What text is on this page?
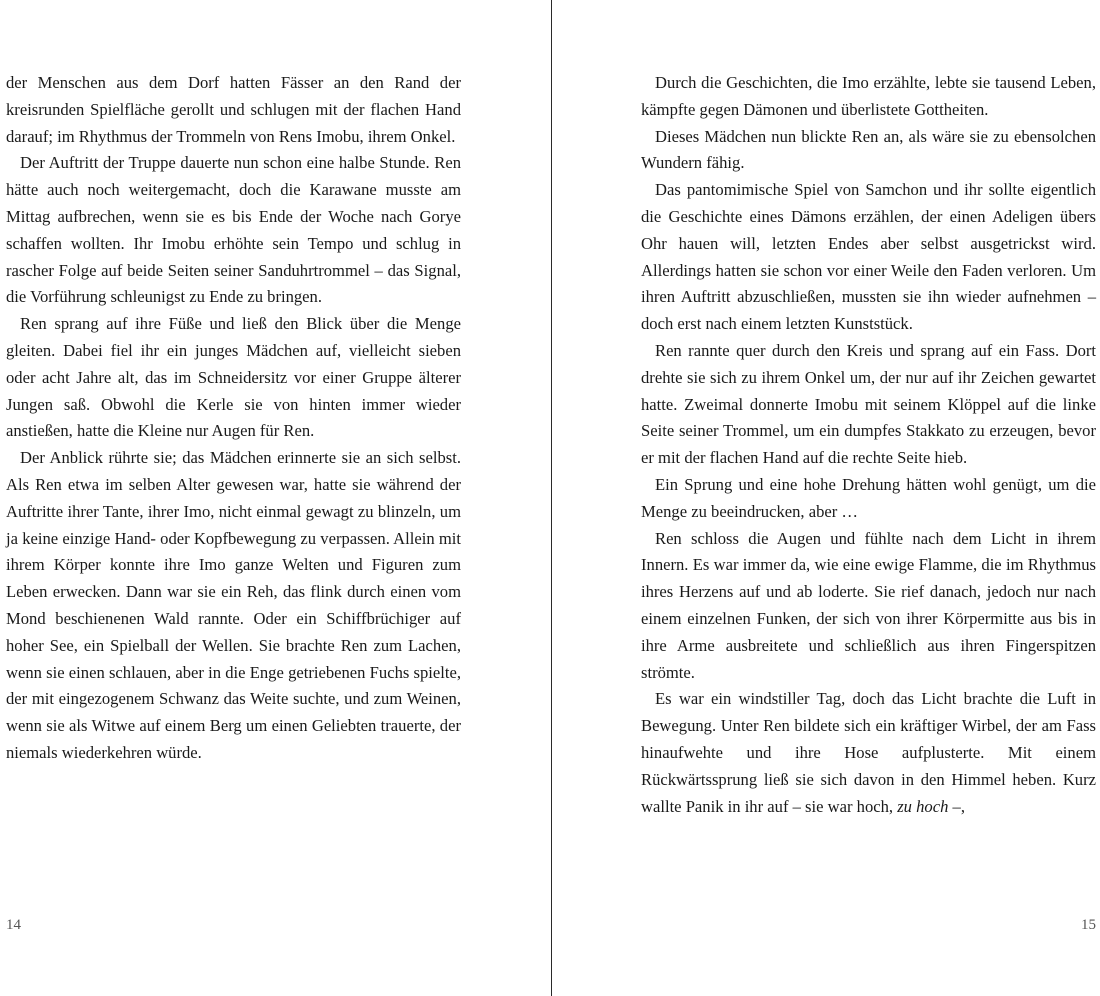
der Menschen aus dem Dorf hatten Fässer an den Rand der kreisrunden Spielfläche gerollt und schlugen mit der flachen Hand darauf; im Rhythmus der Trommeln von Rens Imobu, ihrem Onkel.

Der Auftritt der Truppe dauerte nun schon eine halbe Stunde. Ren hätte auch noch weitergemacht, doch die Karawane musste am Mittag aufbrechen, wenn sie es bis Ende der Woche nach Gorye schaffen wollten. Ihr Imobu erhöhte sein Tempo und schlug in rascher Folge auf beide Seiten seiner Sanduhrtrommel – das Signal, die Vorführung schleunigst zu Ende zu bringen.

Ren sprang auf ihre Füße und ließ den Blick über die Menge gleiten. Dabei fiel ihr ein junges Mädchen auf, vielleicht sieben oder acht Jahre alt, das im Schneidersitz vor einer Gruppe älterer Jungen saß. Obwohl die Kerle sie von hinten immer wieder anstießen, hatte die Kleine nur Augen für Ren.

Der Anblick rührte sie; das Mädchen erinnerte sie an sich selbst. Als Ren etwa im selben Alter gewesen war, hatte sie während der Auftritte ihrer Tante, ihrer Imo, nicht einmal gewagt zu blinzeln, um ja keine einzige Hand- oder Kopfbewegung zu verpassen. Allein mit ihrem Körper konnte ihre Imo ganze Welten und Figuren zum Leben erwecken. Dann war sie ein Reh, das flink durch einen vom Mond beschienenen Wald rannte. Oder ein Schiffbrüchiger auf hoher See, ein Spielball der Wellen. Sie brachte Ren zum Lachen, wenn sie einen schlauen, aber in die Enge getriebenen Fuchs spielte, der mit eingezogenem Schwanz das Weite suchte, und zum Weinen, wenn sie als Witwe auf einem Berg um einen Geliebten trauerte, der niemals wiederkehren würde.

Durch die Geschichten, die Imo erzählte, lebte sie tausend Leben, kämpfte gegen Dämonen und überlistete Gottheiten.

Dieses Mädchen nun blickte Ren an, als wäre sie zu ebensolchen Wundern fähig.

Das pantomimische Spiel von Samchon und ihr sollte eigentlich die Geschichte eines Dämons erzählen, der einen Adeligen übers Ohr hauen will, letzten Endes aber selbst ausgetrickst wird. Allerdings hatten sie schon vor einer Weile den Faden verloren. Um ihren Auftritt abzuschließen, mussten sie ihn wieder aufnehmen – doch erst nach einem letzten Kunststück.

Ren rannte quer durch den Kreis und sprang auf ein Fass. Dort drehte sie sich zu ihrem Onkel um, der nur auf ihr Zeichen gewartet hatte. Zweimal donnerte Imobu mit seinem Klöppel auf die linke Seite seiner Trommel, um ein dumpfes Stakkato zu erzeugen, bevor er mit der flachen Hand auf die rechte Seite hieb.

Ein Sprung und eine hohe Drehung hätten wohl genügt, um die Menge zu beeindrucken, aber …

Ren schloss die Augen und fühlte nach dem Licht in ihrem Innern. Es war immer da, wie eine ewige Flamme, die im Rhythmus ihres Herzens auf und ab loderte. Sie rief danach, jedoch nur nach einem einzelnen Funken, der sich von ihrer Körpermitte aus bis in ihre Arme ausbreitete und schließlich aus ihren Fingerspitzen strömte.

Es war ein windstiller Tag, doch das Licht brachte die Luft in Bewegung. Unter Ren bildete sich ein kräftiger Wirbel, der am Fass hinaufwehte und ihre Hose aufplusterte. Mit einem Rückwärtssprung ließ sie sich davon in den Himmel heben. Kurz wallte Panik in ihr auf – sie war hoch, zu hoch –,

14	15
